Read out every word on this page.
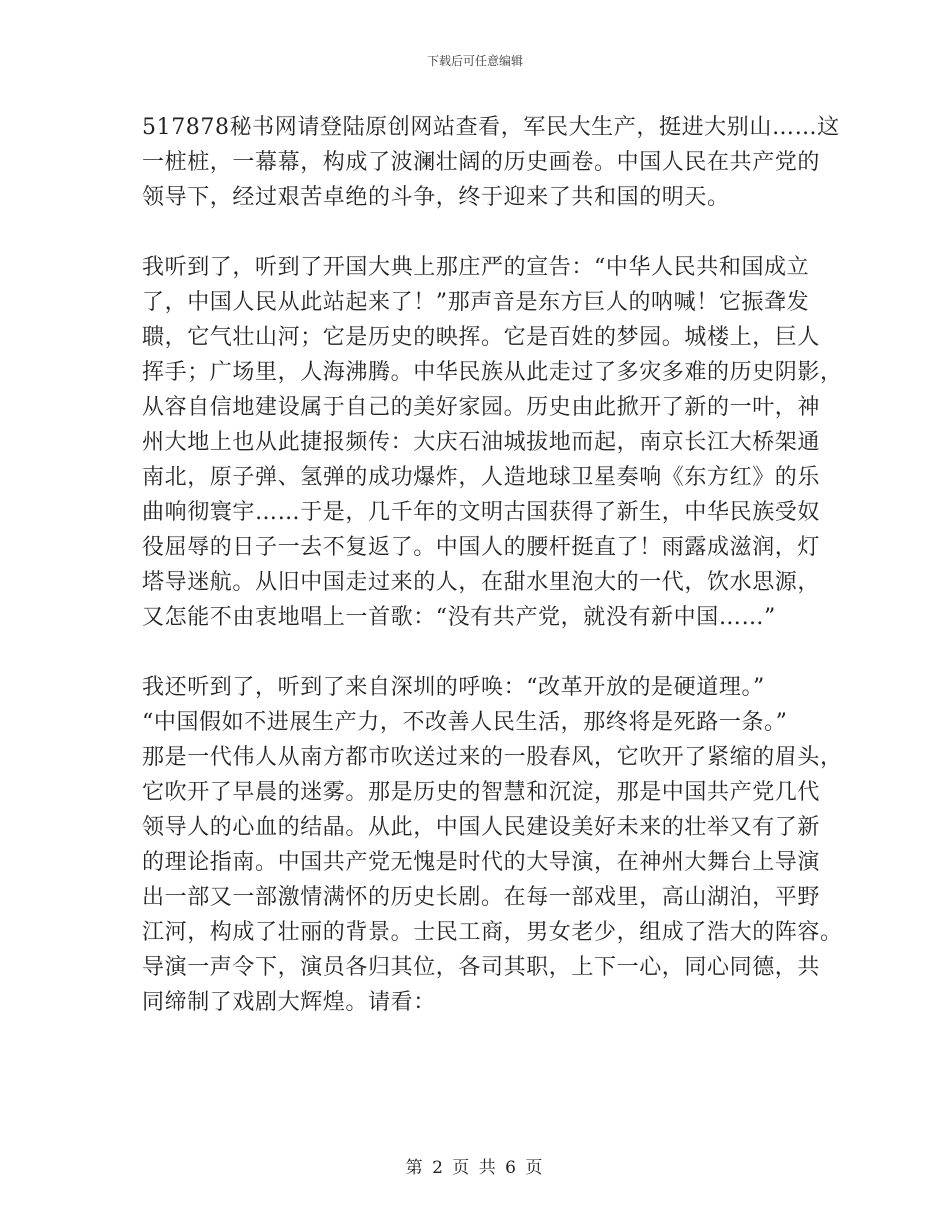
下载后可任意编辑
517878秘书网请登陆原创网站查看，军民大生产，挺进大别山……这
一桩桩，一幕幕，构成了波澜壮阔的历史画卷。中国人民在共产党的
领导下，经过艰苦卓绝的斗争，终于迎来了共和国的明天。
我听到了，听到了开国大典上那庄严的宣告：“中华人民共和国成立
了，中国人民从此站起来了！”那声音是东方巨人的呐喊！它振聋发
聩，它气壮山河；它是历史的映挥。它是百姓的梦园。城楼上，巨人
挥手；广场里，人海沸腾。中华民族从此走过了多灾多难的历史阴影，
从容自信地建设属于自己的美好家园。历史由此掀开了新的一叶，神
州大地上也从此捷报频传：大庆石油城拔地而起，南京长江大桥架通
南北，原子弹、氢弹的成功爆炸，人造地球卫星奏响《东方红》的乐
曲响彻寰宇……于是，几千年的文明古国获得了新生，中华民族受奴
役屈辱的日子一去不复返了。中国人的腰杆挺直了！雨露成滋润，灯
塔导迷航。从旧中国走过来的人，在甜水里泡大的一代，饮水思源，
又怎能不由衷地唱上一首歌：“没有共产党，就没有新中国……”
我还听到了，听到了来自深圳的呼唤：“改革开放的是硬道理。”
“中国假如不进展生产力，不改善人民生活，那终将是死路一条。”
那是一代伟人从南方都市吹送过来的一股春风，它吹开了紧缩的眉头，
它吹开了早晨的迷雾。那是历史的智慧和沉淀，那是中国共产党几代
领导人的心血的结晶。从此，中国人民建设美好未来的壮举又有了新
的理论指南。中国共产党无愧是时代的大导演，在神州大舞台上导演
出一部又一部激情满怀的历史长剧。在每一部戏里，高山湖泊，平野
江河，构成了壮丽的背景。士民工商，男女老少，组成了浩大的阵容。
导演一声令下，演员各归其位，各司其职，上下一心，同心同德，共
同缔制了戏剧大辉煌。请看：
第 2 页 共 6 页
